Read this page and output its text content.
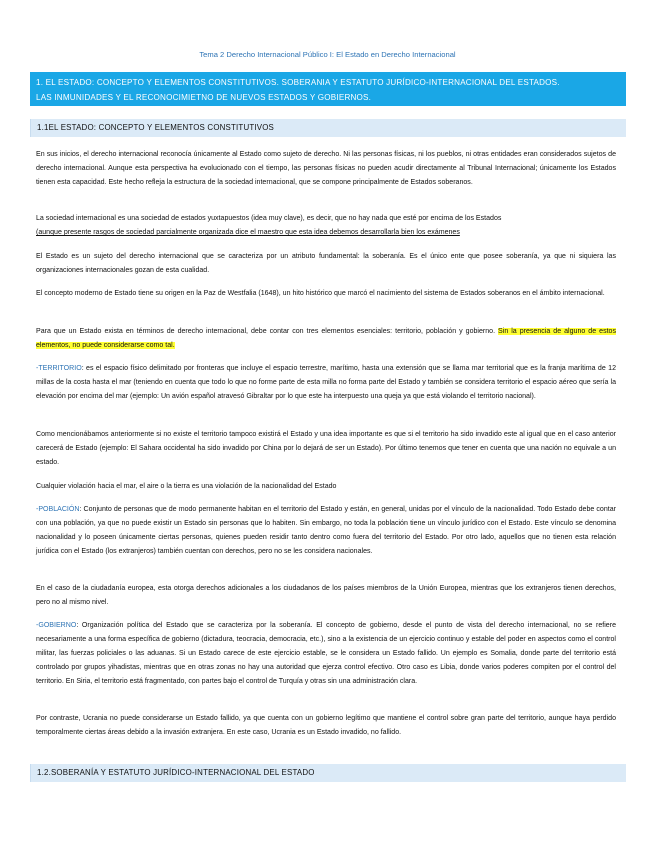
Tema 2 Derecho Internacional Público I: El Estado en Derecho Internacional
1. EL ESTADO: CONCEPTO Y ELEMENTOS CONSTITUTIVOS. SOBERANIA Y ESTATUTO JURÍDICO-INTERNACIONAL DEL ESTADOS.
LAS INMUNIDADES Y EL RECONOCIMIETNO DE NUEVOS ESTADOS Y GOBIERNOS.
1.1EL ESTADO: CONCEPTO Y ELEMENTOS CONSTITUTIVOS

En sus inicios, el derecho internacional reconocía únicamente al Estado como sujeto de derecho. Ni las personas físicas, ni los pueblos, ni otras entidades eran considerados sujetos de derecho internacional. Aunque esta perspectiva ha evolucionado con el tiempo, las personas físicas no pueden acudir directamente al Tribunal Internacional; únicamente los Estados tienen esta capacidad. Este hecho refleja la estructura de la sociedad internacional, que se compone principalmente de Estados soberanos.

La sociedad internacional es una sociedad de estados yuxtapuestos (idea muy clave), es decir, que no hay nada que esté por encima de los Estados
(aunque presente rasgos de sociedad parcialmente organizada dice el maestro que esta idea debemos desarrollarla bien los exámenes

El Estado es un sujeto del derecho internacional que se caracteriza por un atributo fundamental: la soberanía. Es el único ente que posee soberanía, ya que ni siquiera las organizaciones internacionales gozan de esta cualidad.

El concepto moderno de Estado tiene su origen en la Paz de Westfalia (1648), un hito histórico que marcó el nacimiento del sistema de Estados soberanos en el ámbito internacional.

Para que un Estado exista en términos de derecho internacional, debe contar con tres elementos esenciales: territorio, población y gobierno. Sin la presencia de alguno de estos elementos, no puede considerarse como tal.

-TERRITORIO: es el espacio físico delimitado por fronteras que incluye el espacio terrestre, marítimo, hasta una extensión que se llama mar territorial que es la franja marítima de 12 millas de la costa hasta el mar (teniendo en cuenta que todo lo que no forme parte de esta milla no forma parte del Estado y también se considera territorio el espacio aéreo que sería la elevación por encima del mar (ejemplo: Un avión español atravesó Gibraltar por lo que este ha interpuesto una queja ya que está violando el territorio nacional).

Como mencionábamos anteriormente si no existe el territorio tampoco existirá el Estado y una idea importante es que si el territorio ha sido invadido este al igual que en el caso anterior carecerá de Estado (ejemplo: El Sahara occidental ha sido invadido por China por lo dejará de ser un Estado). Por último tenemos que tener en cuenta que una nación no equivale a un estado.

Cualquier violación hacia el mar, el aire o la tierra es una violación de la nacionalidad del Estado

-POBLACIÓN: Conjunto de personas que de modo permanente habitan en el territorio del Estado y están, en general, unidas por el vínculo de la nacionalidad. Todo Estado debe contar con una población, ya que no puede existir un Estado sin personas que lo habiten. Sin embargo, no toda la población tiene un vínculo jurídico con el Estado. Este vínculo se denomina nacionalidad y lo poseen únicamente ciertas personas, quienes pueden residir tanto dentro como fuera del territorio del Estado. Por otro lado, aquellos que no tienen esta relación jurídica con el Estado (los extranjeros) también cuentan con derechos, pero no se les considera nacionales.

En el caso de la ciudadanía europea, esta otorga derechos adicionales a los ciudadanos de los países miembros de la Unión Europea, mientras que los extranjeros tienen derechos, pero no al mismo nivel.

-GOBIERNO: Organización política del Estado que se caracteriza por la soberanía. El concepto de gobierno, desde el punto de vista del derecho internacional, no se refiere necesariamente a una forma específica de gobierno (dictadura, teocracia, democracia, etc.), sino a la existencia de un ejercicio continuo y estable del poder en aspectos como el control militar, las fuerzas policiales o las aduanas. Si un Estado carece de este ejercicio estable, se le considera un Estado fallido. Un ejemplo es Somalia, donde parte del territorio está controlado por grupos yihadistas, mientras que en otras zonas no hay una autoridad que ejerza control efectivo. Otro caso es Libia, donde varios poderes compiten por el control del territorio. En Siria, el territorio está fragmentado, con partes bajo el control de Turquía y otras sin una administración clara.

Por contraste, Ucrania no puede considerarse un Estado fallido, ya que cuenta con un gobierno legítimo que mantiene el control sobre gran parte del territorio, aunque haya perdido temporalmente ciertas áreas debido a la invasión extranjera. En este caso, Ucrania es un Estado invadido, no fallido.

1.2.SOBERANÍA Y ESTATUTO JURÍDICO-INTERNACIONAL DEL ESTADO
